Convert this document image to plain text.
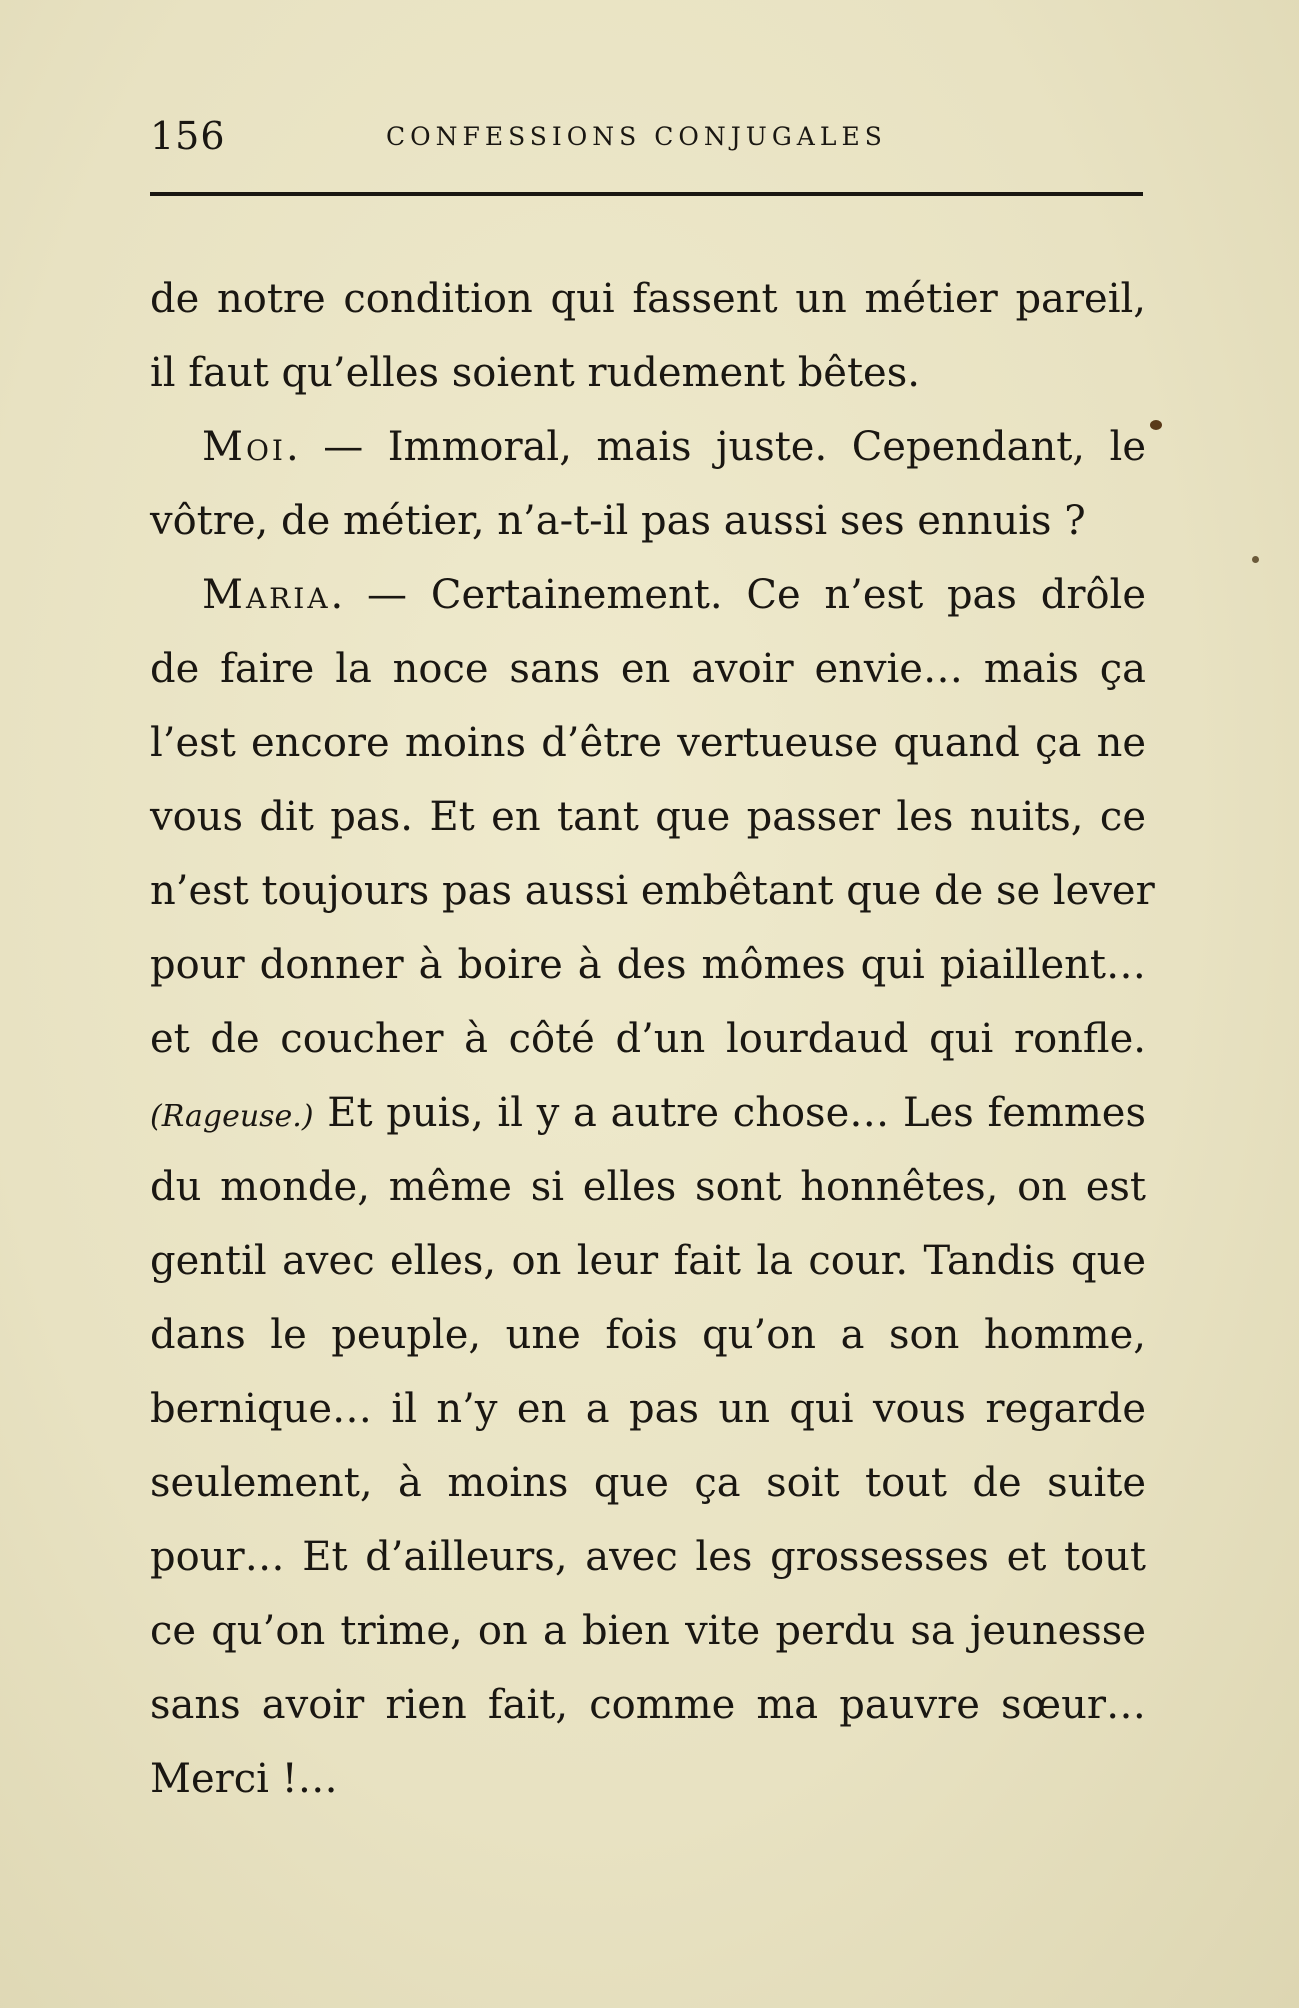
156	CONFESSIONS CONJUGALES
de notre condition qui fassent un métier pareil,
il faut qu’elles soient rudement bêtes.
Moi. — Immoral, mais juste. Cependant, le
vôtre, de métier, n’a-t-il pas aussi ses ennuis ?
Maria. — Certainement. Ce n’est pas drôle
de faire la noce sans en avoir envie… mais ça
l’est encore moins d’être vertueuse quand ça ne
vous dit pas. Et en tant que passer les nuits, ce
n’est toujours pas aussi embêtant que de se lever
pour donner à boire à des mômes qui piaillent…
et de coucher à côté d’un lourdaud qui ronfle.
(Rageuse.) Et puis, il y a autre chose… Les femmes
du monde, même si elles sont honnêtes, on est
gentil avec elles, on leur fait la cour. Tandis que
dans le peuple, une fois qu’on a son homme,
bernique… il n’y en a pas un qui vous regarde
seulement, à moins que ça soit tout de suite
pour… Et d’ailleurs, avec les grossesses et tout
ce qu’on trime, on a bien vite perdu sa jeunesse
sans avoir rien fait, comme ma pauvre sœur…
Merci !…
